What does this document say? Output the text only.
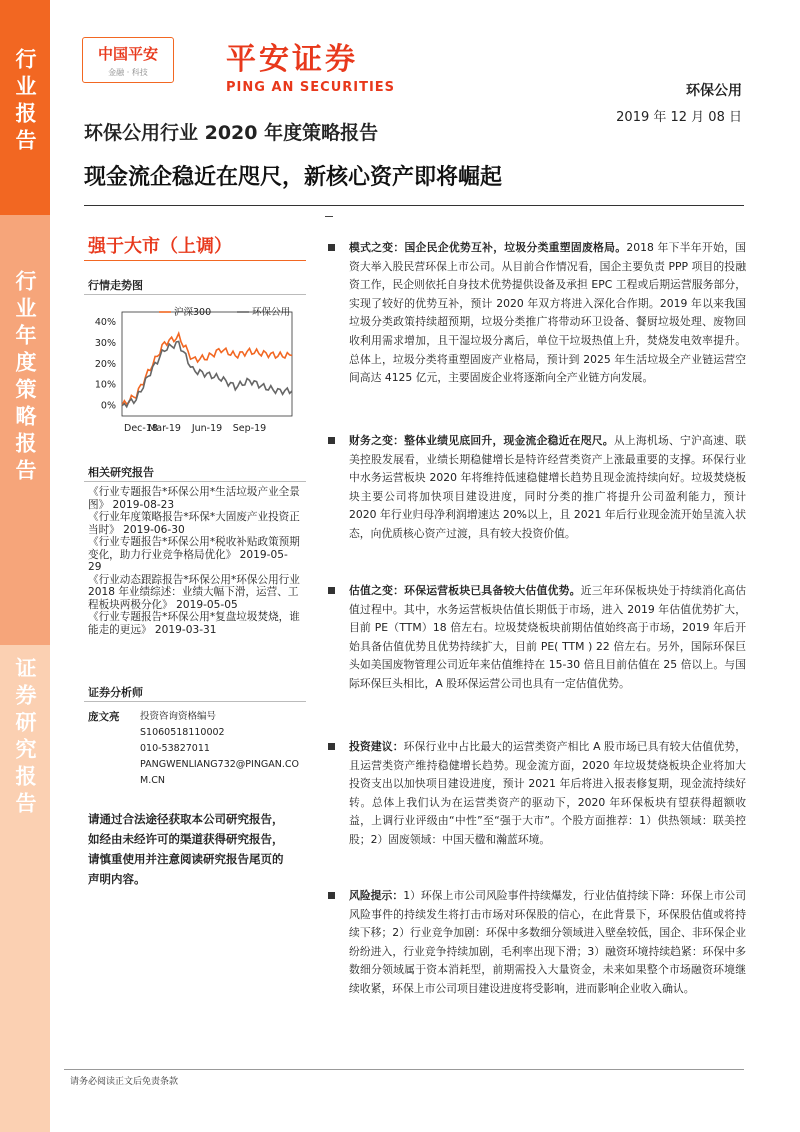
行业报告
行业年度策略报告
证券研究报告
中国平安
金融 · 科技	平安证券
PING AN SECURITIES	环保公用
2019 年 12 月 08 日
环保公用行业 2020 年度策略报告
现金流企稳近在咫尺，新核心资产即将崛起
强于大市（上调）
行情走势图
40%
30%
20%
10%
0%
Dec-18
Mar-19 Jun-19 Sep-19
沪深300	环保公用
相关研究报告
《行业专题报告*环保公用*生活垃圾产业全景图》 2019-08-23
《行业年度策略报告*环保*大固废产业投资正当时》 2019-06-30
《行业专题报告*环保公用*税收补贴政策预期变化，助力行业竞争格局优化》 2019-05-29
《行业动态跟踪报告*环保公用*环保公用行业 2018 年业绩综述：业绩大幅下滑，运营、工程板块两极分化》 2019-05-05
《行业专题报告*环保公用*复盘垃圾焚烧，谁能走的更远》 2019-03-31
证券分析师
庞文亮 投资咨询资格编号
S1060518110002
010-53827011
PANGWENLIANG732@PINGAN.COM.CN
请通过合法途径获取本公司研究报告，如经由未经许可的渠道获得研究报告，请慎重使用并注意阅读研究报告尾页的声明内容。
模式之变：国企民企优势互补，垃圾分类重塑固废格局。2018 年下半年开始，国资大举入股民营环保上市公司。从目前合作情况看，国企主要负责 PPP 项目的投融资工作，民企则依托自身技术优势提供设备及承担 EPC 工程或后期运营服务部分，实现了较好的优势互补，预计 2020 年双方将进入深化合作期。2019 年以来我国垃圾分类政策持续超预期，垃圾分类推广将带动环卫设备、餐厨垃圾处理、废物回收利用需求增加，且干湿垃圾分离后，单位干垃圾热值上升，焚烧发电效率提升。总体上，垃圾分类将重塑固废产业格局，预计到 2025 年生活垃圾全产业链运营空间高达 4125 亿元，主要固废企业将逐渐向全产业链方向发展。
财务之变：整体业绩见底回升，现金流企稳近在咫尺。从上海机场、宁沪高速、联美控股发展看，业绩长期稳健增长是特许经营类资产上涨最重要的支撑。环保行业中水务运营板块 2020 年将维持低速稳健增长趋势且现金流持续向好。垃圾焚烧板块主要公司将加快项目建设进度，同时分类的推广将提升公司盈利能力，预计 2020 年行业归母净利润增速达 20%以上，且 2021 年后行业现金流开始呈流入状态，向优质核心资产过渡，具有较大投资价值。
估值之变：环保运营板块已具备较大估值优势。近三年环保板块处于持续消化高估值过程中。其中，水务运营板块估值长期低于市场，进入 2019 年估值优势扩大，目前 PE（TTM）18 倍左右。垃圾焚烧板块前期估值始终高于市场，2019 年后开始具备估值优势且优势持续扩大，目前 PE( TTM ) 22 倍左右。另外，国际环保巨头如美国废物管理公司近年来估值维持在 15-30 倍且目前估值在 25 倍以上。与国际环保巨头相比，A 股环保运营公司也具有一定估值优势。
投资建议：环保行业中占比最大的运营类资产相比 A 股市场已具有较大估值优势，且运营类资产维持稳健增长趋势。现金流方面，2020 年垃圾焚烧板块企业将加大投资支出以加快项目建设进度，预计 2021 年后将进入报表修复期，现金流持续好转。总体上我们认为在运营类资产的驱动下，2020 年环保板块有望获得超额收益，上调行业评级由“中性”至“强于大市”。个股方面推荐：1）供热领域：联美控股；2）固废领域：中国天楹和瀚蓝环境。
风险提示：1）环保上市公司风险事件持续爆发，行业估值持续下降：环保上市公司风险事件的持续发生将打击市场对环保股的信心，在此背景下，环保股估值或将持续下移；2）行业竞争加剧：环保中多数细分领域进入壁垒较低，国企、非环保企业纷纷进入，行业竞争持续加剧，毛利率出现下滑；3）融资环境持续趋紧：环保中多数细分领域属于资本消耗型，前期需投入大量资金，未来如果整个市场融资环境继续收紧，环保上市公司项目建设进度将受影响，进而影响企业收入确认。
请务必阅读正文后免责条款
